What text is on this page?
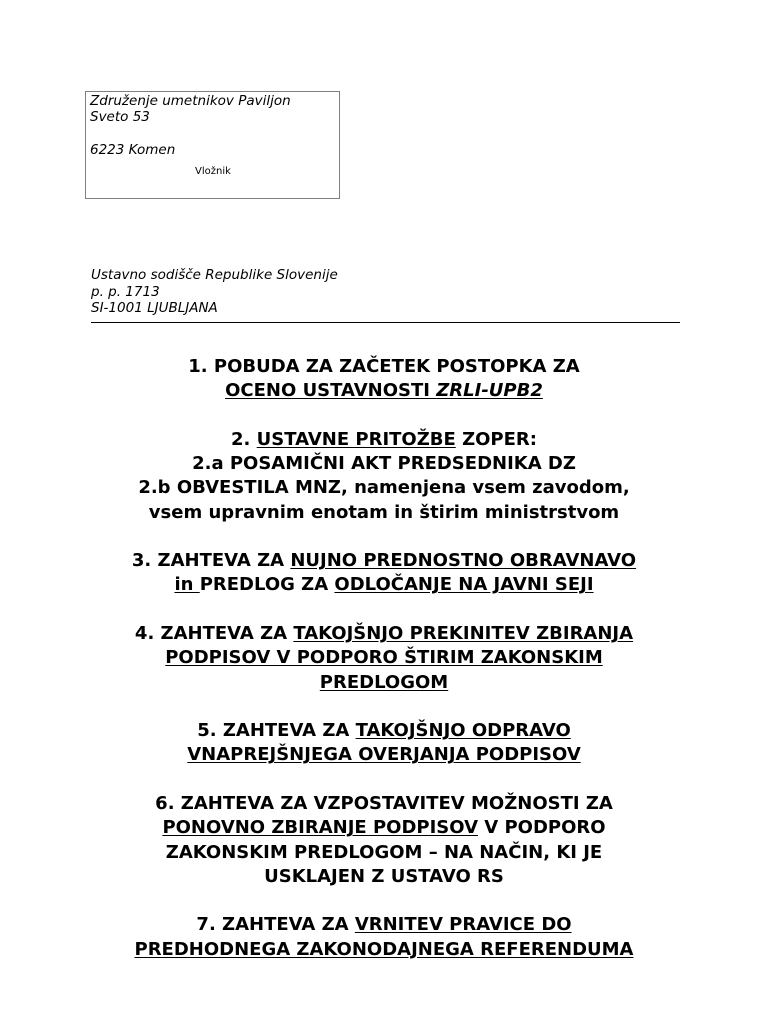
Združenje umetnikov Paviljon
Sveto 53
6223 Komen
Vložnik
Ustavno sodišče Republike Slovenije
p. p. 1713
SI-1001 LJUBLJANA
1. POBUDA ZA ZAČETEK POSTOPKA ZA
OCENO USTAVNOSTI ZRLI-UPB2
2. USTAVNE PRITOŽBE ZOPER:
2.a POSAMIČNI AKT PREDSEDNIKA DZ
2.b OBVESTILA MNZ, namenjena vsem zavodom,
vsem upravnim enotam in štirim ministrstvom
3. ZAHTEVA ZA NUJNO PREDNOSTNO OBRAVNAVO
in PREDLOG ZA ODLOČANJE NA JAVNI SEJI
4. ZAHTEVA ZA TAKOJŠNJO PREKINITEV ZBIRANJA
PODPISOV V PODPORO ŠTIRIM ZAKONSKIM
PREDLOGOM
5. ZAHTEVA ZA TAKOJŠNJO ODPRAVO
VNAPREJŠNJEGA OVERJANJA PODPISOV
6. ZAHTEVA ZA VZPOSTAVITEV MOŽNOSTI ZA
PONOVNO ZBIRANJE PODPISOV V PODPORO
ZAKONSKIM PREDLOGOM – NA NAČIN, KI JE
USKLAJEN Z USTAVO RS
7. ZAHTEVA ZA VRNITEV PRAVICE DO
PREDHODNEGA ZAKONODAJNEGA REFERENDUMA
